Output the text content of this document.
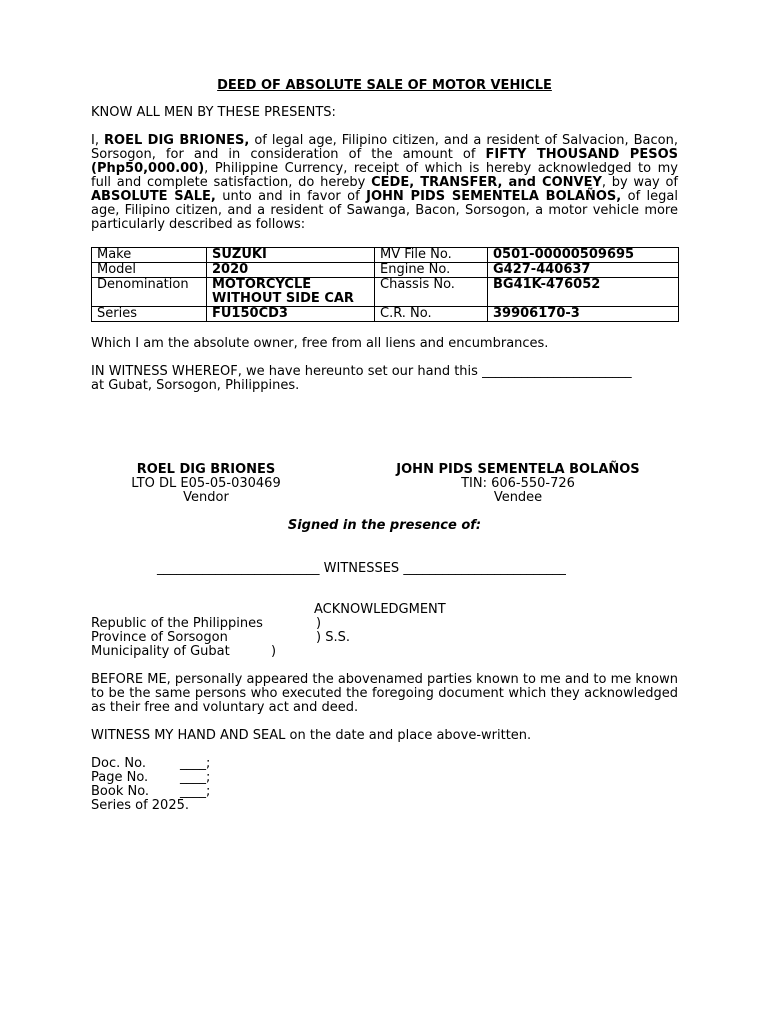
DEED OF ABSOLUTE SALE OF MOTOR VEHICLE
KNOW ALL MEN BY THESE PRESENTS:
I, ROEL DIG BRIONES, of legal age, Filipino citizen, and a resident of Salvacion, Bacon, Sorsogon, for and in consideration of the amount of FIFTY THOUSAND PESOS (Php50,000.00), Philippine Currency, receipt of which is hereby acknowledged to my full and complete satisfaction, do hereby CEDE, TRANSFER, and CONVEY, by way of ABSOLUTE SALE, unto and in favor of JOHN PIDS SEMENTELA BOLAÑOS, of legal age, Filipino citizen, and a resident of Sawanga, Bacon, Sorsogon, a motor vehicle more particularly described as follows:
Make	SUZUKI	MV File No.	0501-00000509695
Model	2020	Engine No.	G427-440637
Denomination	MOTORCYCLE WITHOUT SIDE CAR	Chassis No.	BG41K-476052
Series	FU150CD3	C.R. No.	39906170-3
Which I am the absolute owner, free from all liens and encumbrances.
IN WITNESS WHEREOF, we have hereunto set our hand this _______________________
at Gubat, Sorsogon, Philippines.
ROEL DIG BRIONES
LTO DL E05-05-030469
Vendor
JOHN PIDS SEMENTELA BOLAÑOS
TIN: 606-550-726
Vendee
Signed in the presence of:
_________________________ WITNESSES _________________________
ACKNOWLEDGMENT
Republic of the Philippines	)
Province of Sorsogon	) S.S.
Municipality of Gubat	)
BEFORE ME, personally appeared the abovenamed parties known to me and to me known to be the same persons who executed the foregoing document which they acknowledged as their free and voluntary act and deed.
WITNESS MY HAND AND SEAL on the date and place above-written.
Doc. No.	____;
Page No. ____;
Book No. ____;
Series of 2025.
